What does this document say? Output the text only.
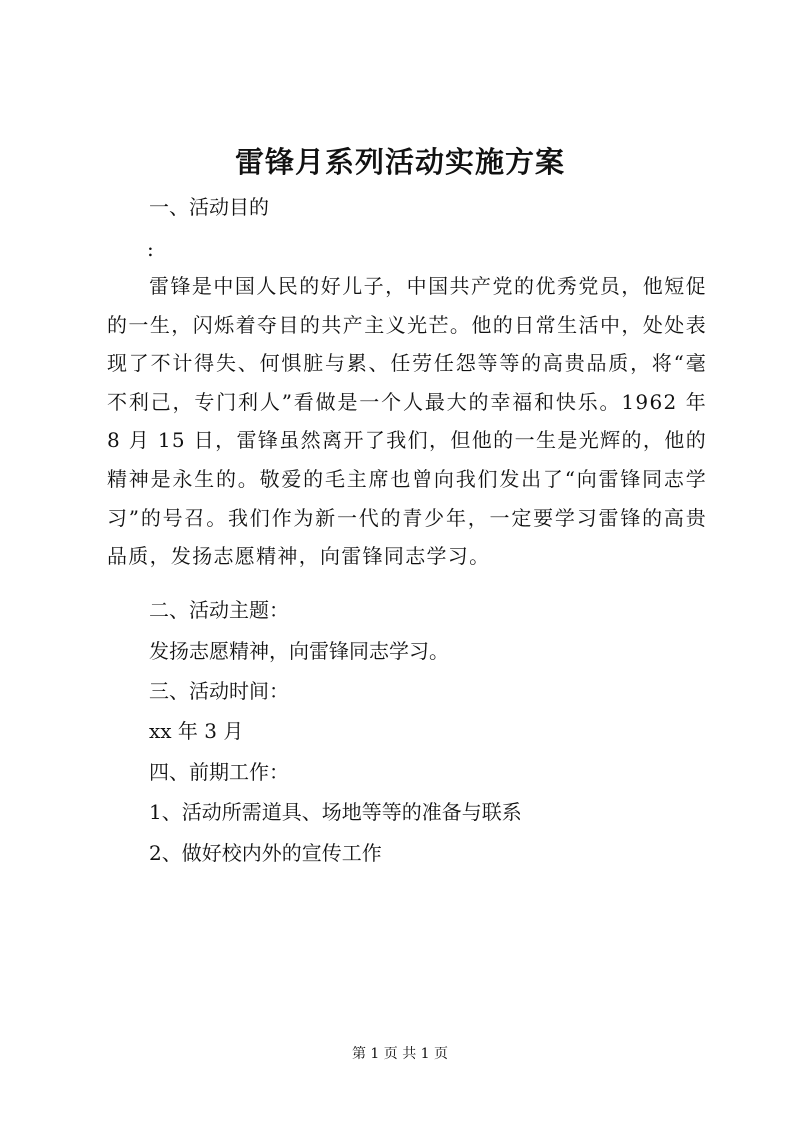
雷锋月系列活动实施方案

一、活动目的

:

雷锋是中国人民的好儿子，中国共产党的优秀党员，他短促的一生，闪烁着夺目的共产主义光芒。他的日常生活中，处处表现了不计得失、何惧脏与累、任劳任怨等等的高贵品质，将“毫不利己，专门利人”看做是一个人最大的幸福和快乐。1962 年 8 月 15 日，雷锋虽然离开了我们，但他的一生是光辉的，他的精神是永生的。敬爱的毛主席也曾向我们发出了“向雷锋同志学习”的号召。我们作为新一代的青少年，一定要学习雷锋的高贵品质，发扬志愿精神，向雷锋同志学习。

二、活动主题：

发扬志愿精神，向雷锋同志学习。

三、活动时间：

xx 年 3 月

四、前期工作：

1、活动所需道具、场地等等的准备与联系

2、做好校内外的宣传工作

第 1 页 共 1 页
